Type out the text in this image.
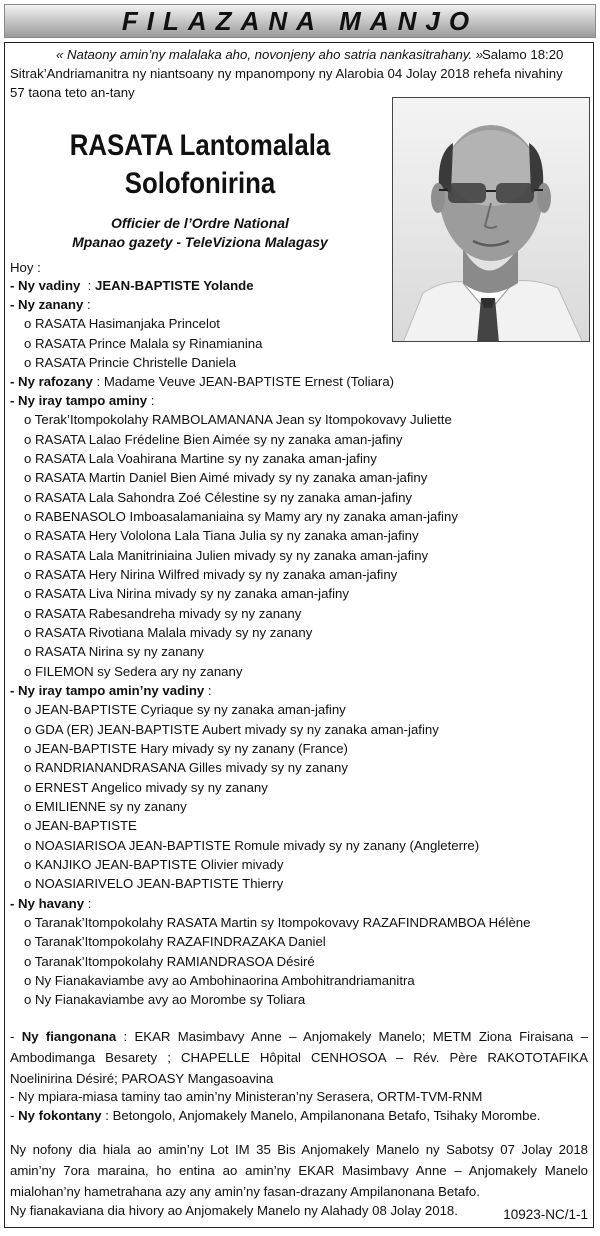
FILAZANA MANJO
« Nataony amin’ny malalaka aho, novonjeny aho satria nankasitrahany. »
Salamo 18:20
Sitrak’Andriamanitra ny niantsoany ny mpanompony ny Alarobia 04 Jolay 2018 rehefa nivahiny
57 taona teto an-tany
RASATA Lantomalala
Solofonirina
Officier de l’Ordre National
Mpanao gazety - TeleViziona Malagasy
Hoy :
- Ny vadiny  : JEAN-BAPTISTE Yolande
- Ny zanany :
o RASATA Hasimanjaka Princelot
o RASATA Prince Malala sy Rinamianina
o RASATA Princie Christelle Daniela
- Ny rafozany : Madame Veuve JEAN-BAPTISTE Ernest (Toliara)
- Ny iray tampo aminy :
o Terak’Itompokolahy RAMBOLAMANANA Jean sy Itompokovavy Juliette
o RASATA Lalao Frédeline Bien Aimée sy ny zanaka aman-jafiny
o RASATA Lala Voahirana Martine sy ny zanaka aman-jafiny
o RASATA Martin Daniel Bien Aimé mivady sy ny zanaka aman-jafiny
o RASATA Lala Sahondra Zoé Célestine sy ny zanaka aman-jafiny
o RABENASOLO Imboasalamaniaina sy Mamy ary ny zanaka aman-jafiny
o RASATA Hery Vololona Lala Tiana Julia sy ny zanaka aman-jafiny
o RASATA Lala Manitriniaina Julien mivady sy ny zanaka aman-jafiny
o RASATA Hery Nirina Wilfred mivady sy ny zanaka aman-jafiny
o RASATA Liva Nirina mivady sy ny zanaka aman-jafiny
o RASATA Rabesandreha mivady sy ny zanany
o RASATA Rivotiana Malala mivady sy ny zanany
o RASATA Nirina sy ny zanany
o FILEMON sy Sedera ary ny zanany
- Ny iray tampo amin’ny vadiny :
o JEAN-BAPTISTE Cyriaque sy ny zanaka aman-jafiny
o GDA (ER) JEAN-BAPTISTE Aubert mivady sy ny zanaka aman-jafiny
o JEAN-BAPTISTE Hary mivady sy ny zanany (France)
o RANDRIANANDRASANA Gilles mivady sy ny zanany
o ERNEST Angelico mivady sy ny zanany
o EMILIENNE sy ny zanany
o JEAN-BAPTISTE
o NOASIARISOA JEAN-BAPTISTE Romule mivady sy ny zanany (Angleterre)
o KANJIKO JEAN-BAPTISTE Olivier mivady
o NOASIARIVELO JEAN-BAPTISTE Thierry
- Ny havany :
o Taranak’Itompokolahy RASATA Martin sy Itompokovavy RAZAFINDRAMBOA Hélène
o Taranak’Itompokolahy RAZAFINDRAZAKA Daniel
o Taranak’Itompokolahy RAMIANDRASOA Désiré
o Ny Fianakaviambe avy ao Ambohinaorina Ambohitrandriamanitra
o Ny Fianakaviambe avy ao Morombe sy Toliara
- Ny fiangonana : EKAR Masimbavy Anne – Anjomakely Manelo; METM Ziona Firaisana – Ambodimanga Besarety ; CHAPELLE Hôpital CENHOSOA – Rév. Père RAKOTOTAFIKA Noelinirina Désiré; PAROASY Mangasoavina
- Ny mpiara-miasa taminy tao amin’ny Ministeran’ny Serasera, ORTM-TVM-RNM
- Ny fokontany : Betongolo, Anjomakely Manelo, Ampilanonana Betafo, Tsihaky Morombe.
Ny nofony dia hiala ao amin’ny Lot IM 35 Bis Anjomakely Manelo ny Sabotsy 07 Jolay 2018 amin’ny 7ora maraina, ho entina ao amin’ny EKAR Masimbavy Anne – Anjomakely Manelo mialohan’ny hametrahana azy any amin’ny fasan-drazany Ampilanonana Betafo.
Ny fianakaviana dia hivory ao Anjomakely Manelo ny Alahady 08 Jolay 2018.	10923-NC/1-1
